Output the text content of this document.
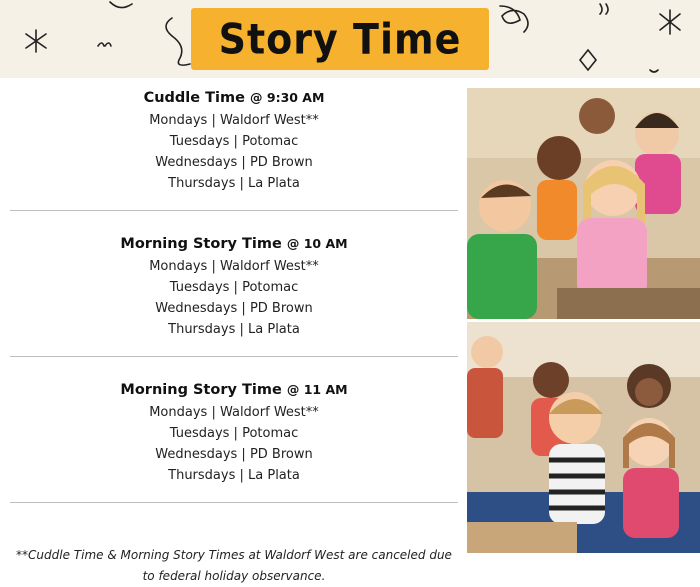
Story Time
Cuddle Time @ 9:30 AM
Mondays | Waldorf West**
Tuesdays | Potomac
Wednesdays | PD Brown
Thursdays | La Plata
Morning Story Time @ 10 AM
Mondays | Waldorf West**
Tuesdays | Potomac
Wednesdays | PD Brown
Thursdays | La Plata
Morning Story Time @ 11 AM
Mondays | Waldorf West**
Tuesdays | Potomac
Wednesdays | PD Brown
Thursdays | La Plata

**Cuddle Time & Morning Story Times at Waldorf West are canceled due to federal holiday observance.
